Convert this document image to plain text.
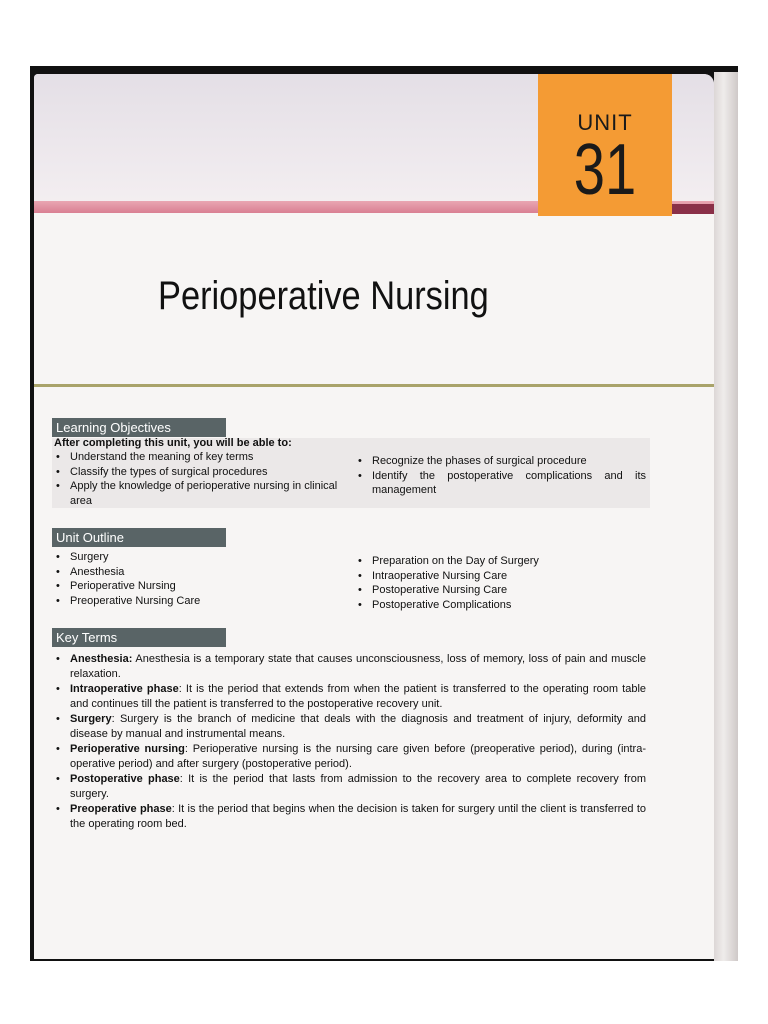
UNIT
31
Perioperative Nursing
Learning Objectives
After completing this unit, you will be able to:
• Understand the meaning of key terms
• Classify the types of surgical procedures
• Apply the knowledge of perioperative nursing in clinical area
• Recognize the phases of surgical procedure
• Identify the postoperative complications and its management
Unit Outline
• Surgery
• Anesthesia
• Perioperative Nursing
• Preoperative Nursing Care
• Preparation on the Day of Surgery
• Intraoperative Nursing Care
• Postoperative Nursing Care
• Postoperative Complications
Key Terms
• Anesthesia: Anesthesia is a temporary state that causes unconsciousness, loss of memory, loss of pain and muscle relaxation.
• Intraoperative phase: It is the period that extends from when the patient is transferred to the operating room table and continues till the patient is transferred to the postoperative recovery unit.
• Surgery: Surgery is the branch of medicine that deals with the diagnosis and treatment of injury, deformity and disease by manual and instrumental means.
• Perioperative nursing: Perioperative nursing is the nursing care given before (preoperative period), during (intra-operative period) and after surgery (postoperative period).
• Postoperative phase: It is the period that lasts from admission to the recovery area to complete recovery from surgery.
• Preoperative phase: It is the period that begins when the decision is taken for surgery until the client is transferred to the operating room bed.
